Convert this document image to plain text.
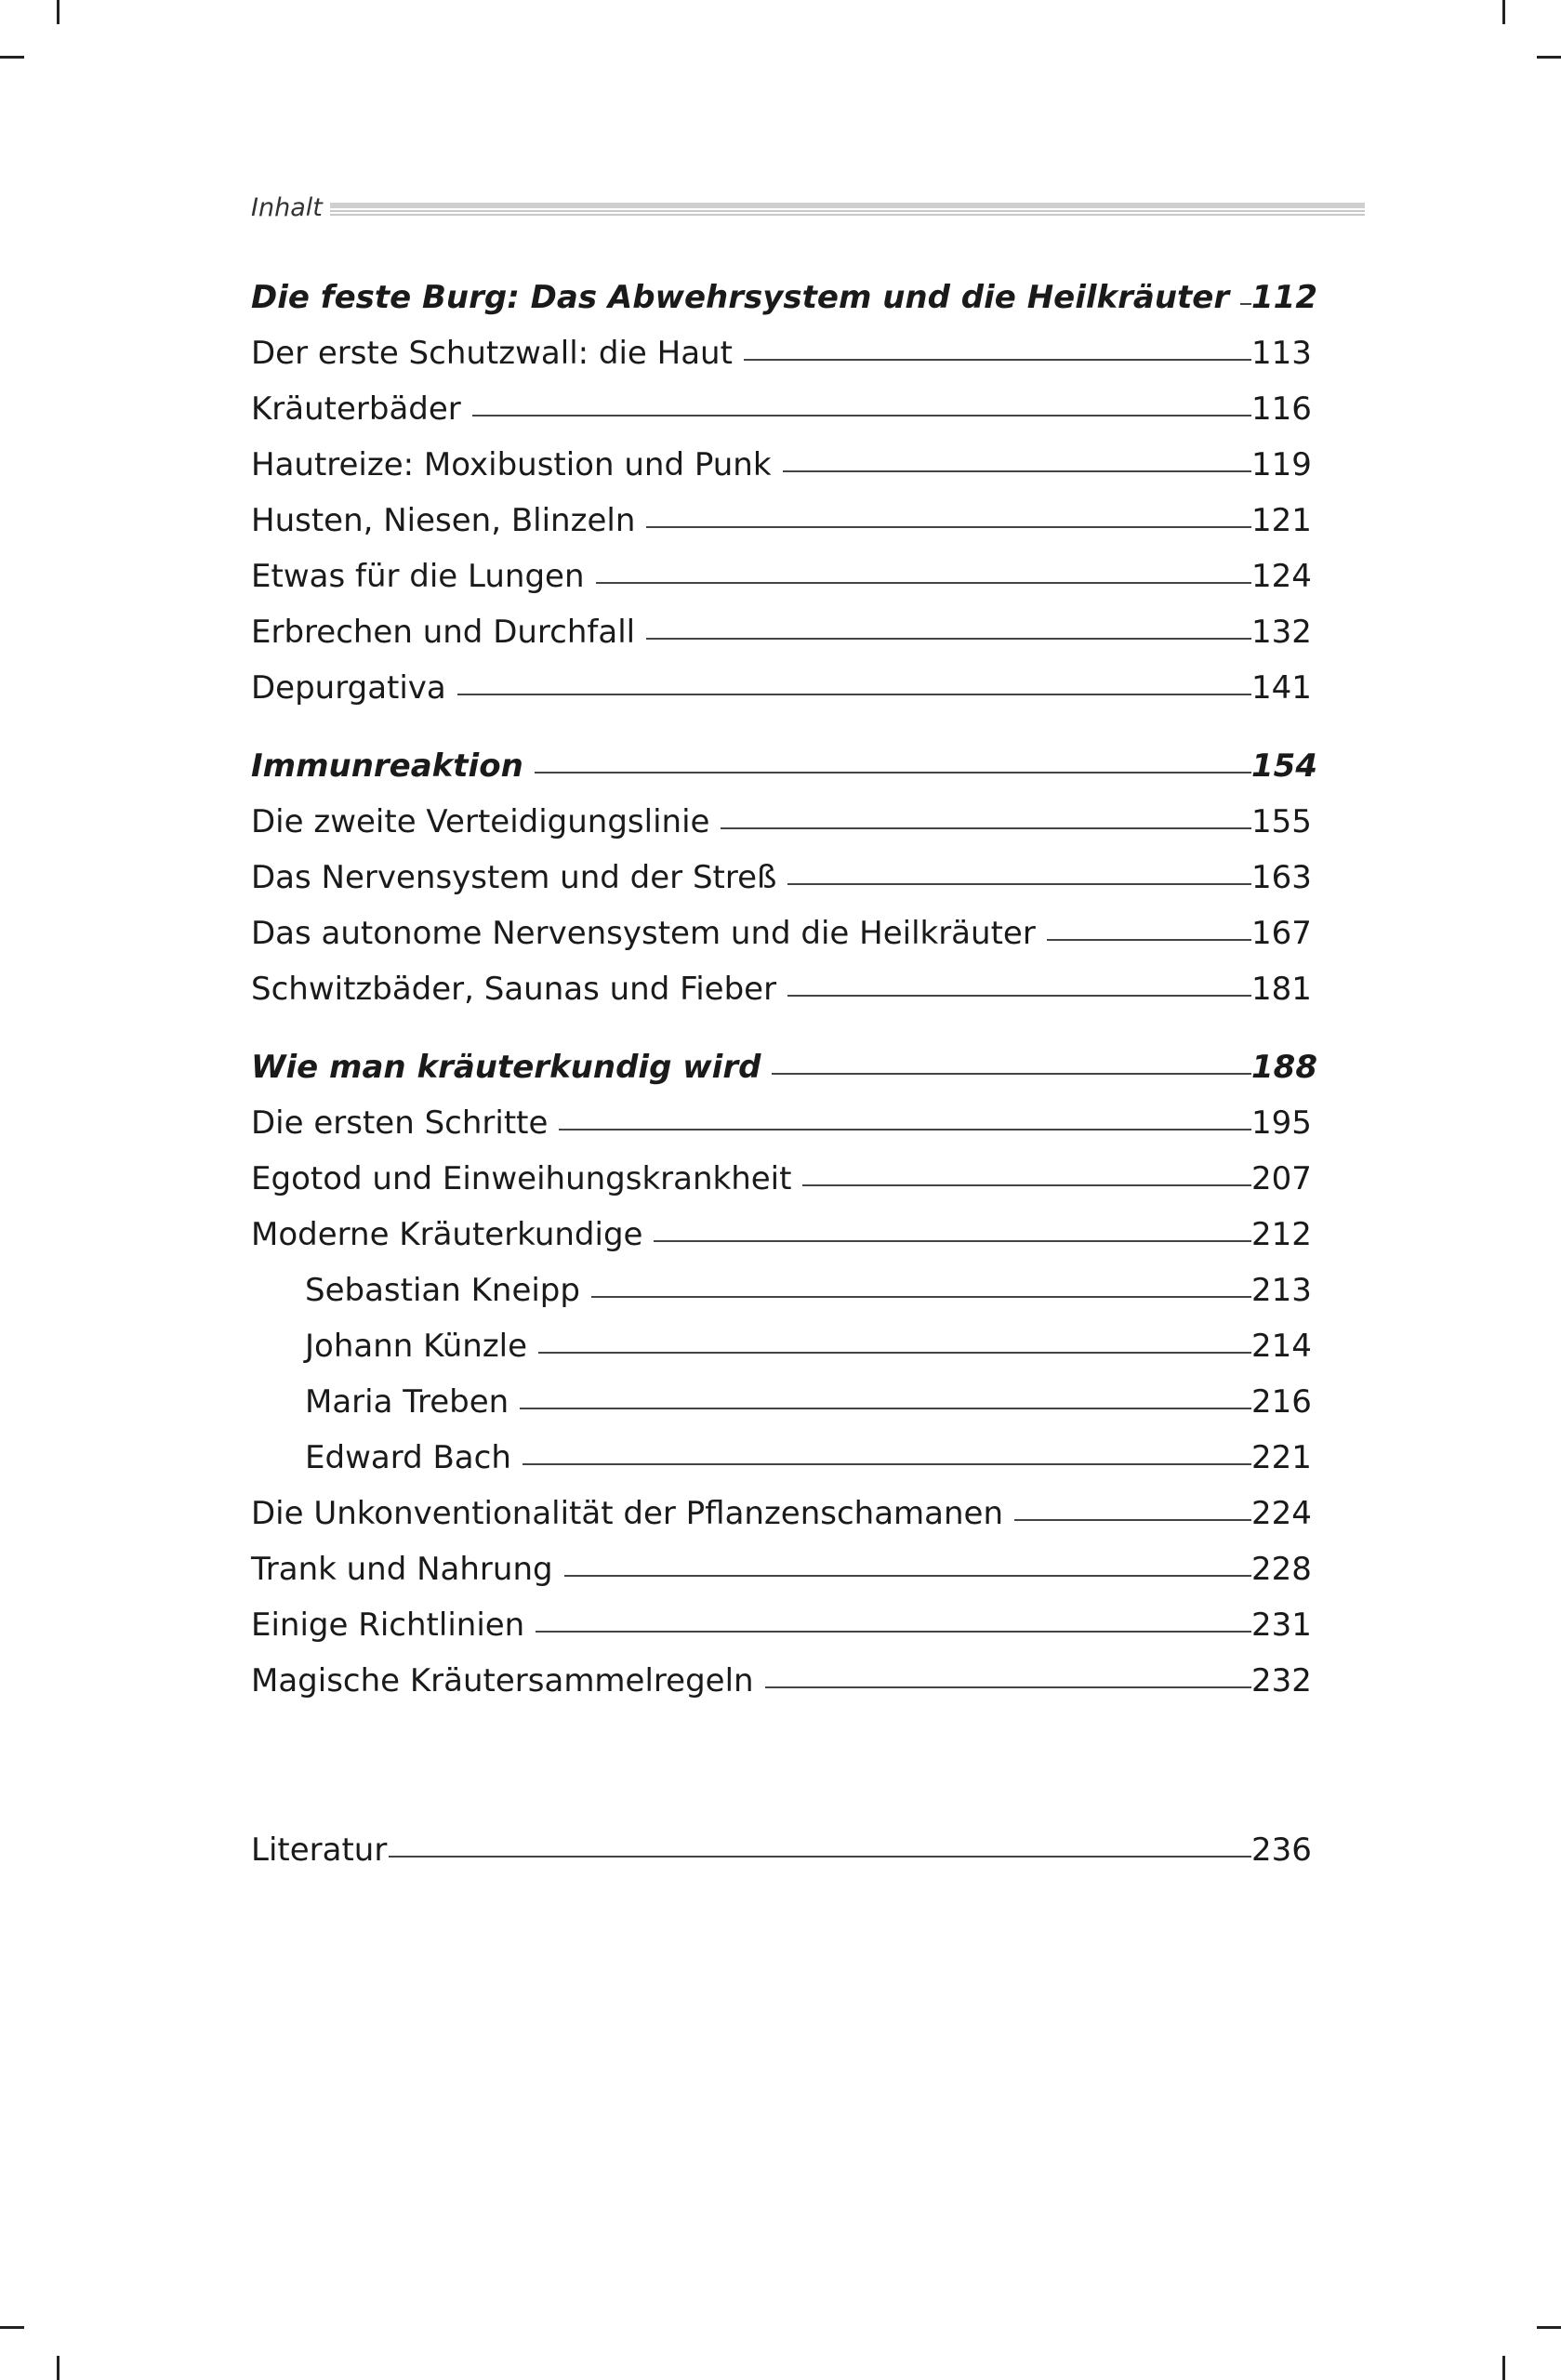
Inhalt
Die feste Burg: Das Abwehrsystem und die Heilkräuter 112
Der erste Schutzwall: die Haut	113
Kräuterbäder	116
Hautreize: Moxibustion und Punk	119
Husten, Niesen, Blinzeln	121
Etwas für die Lungen	124
Erbrechen und Durchfall	132
Depurgativa	141
Immunreaktion	154
Die zweite Verteidigungslinie	155
Das Nervensystem und der Streß	163
Das autonome Nervensystem und die Heilkräuter	167
Schwitzbäder, Saunas und Fieber	181
Wie man kräuterkundig wird	188
Die ersten Schritte	195
Egotod und Einweihungskrankheit	207
Moderne Kräuterkundige	212
Sebastian Kneipp	213
Johann Künzle	214
Maria Treben	216
Edward Bach	221
Die Unkonventionalität der Pflanzenschamanen	224
Trank und Nahrung	228
Einige Richtlinien	231
Magische Kräutersammelregeln	232
Literatur	236
